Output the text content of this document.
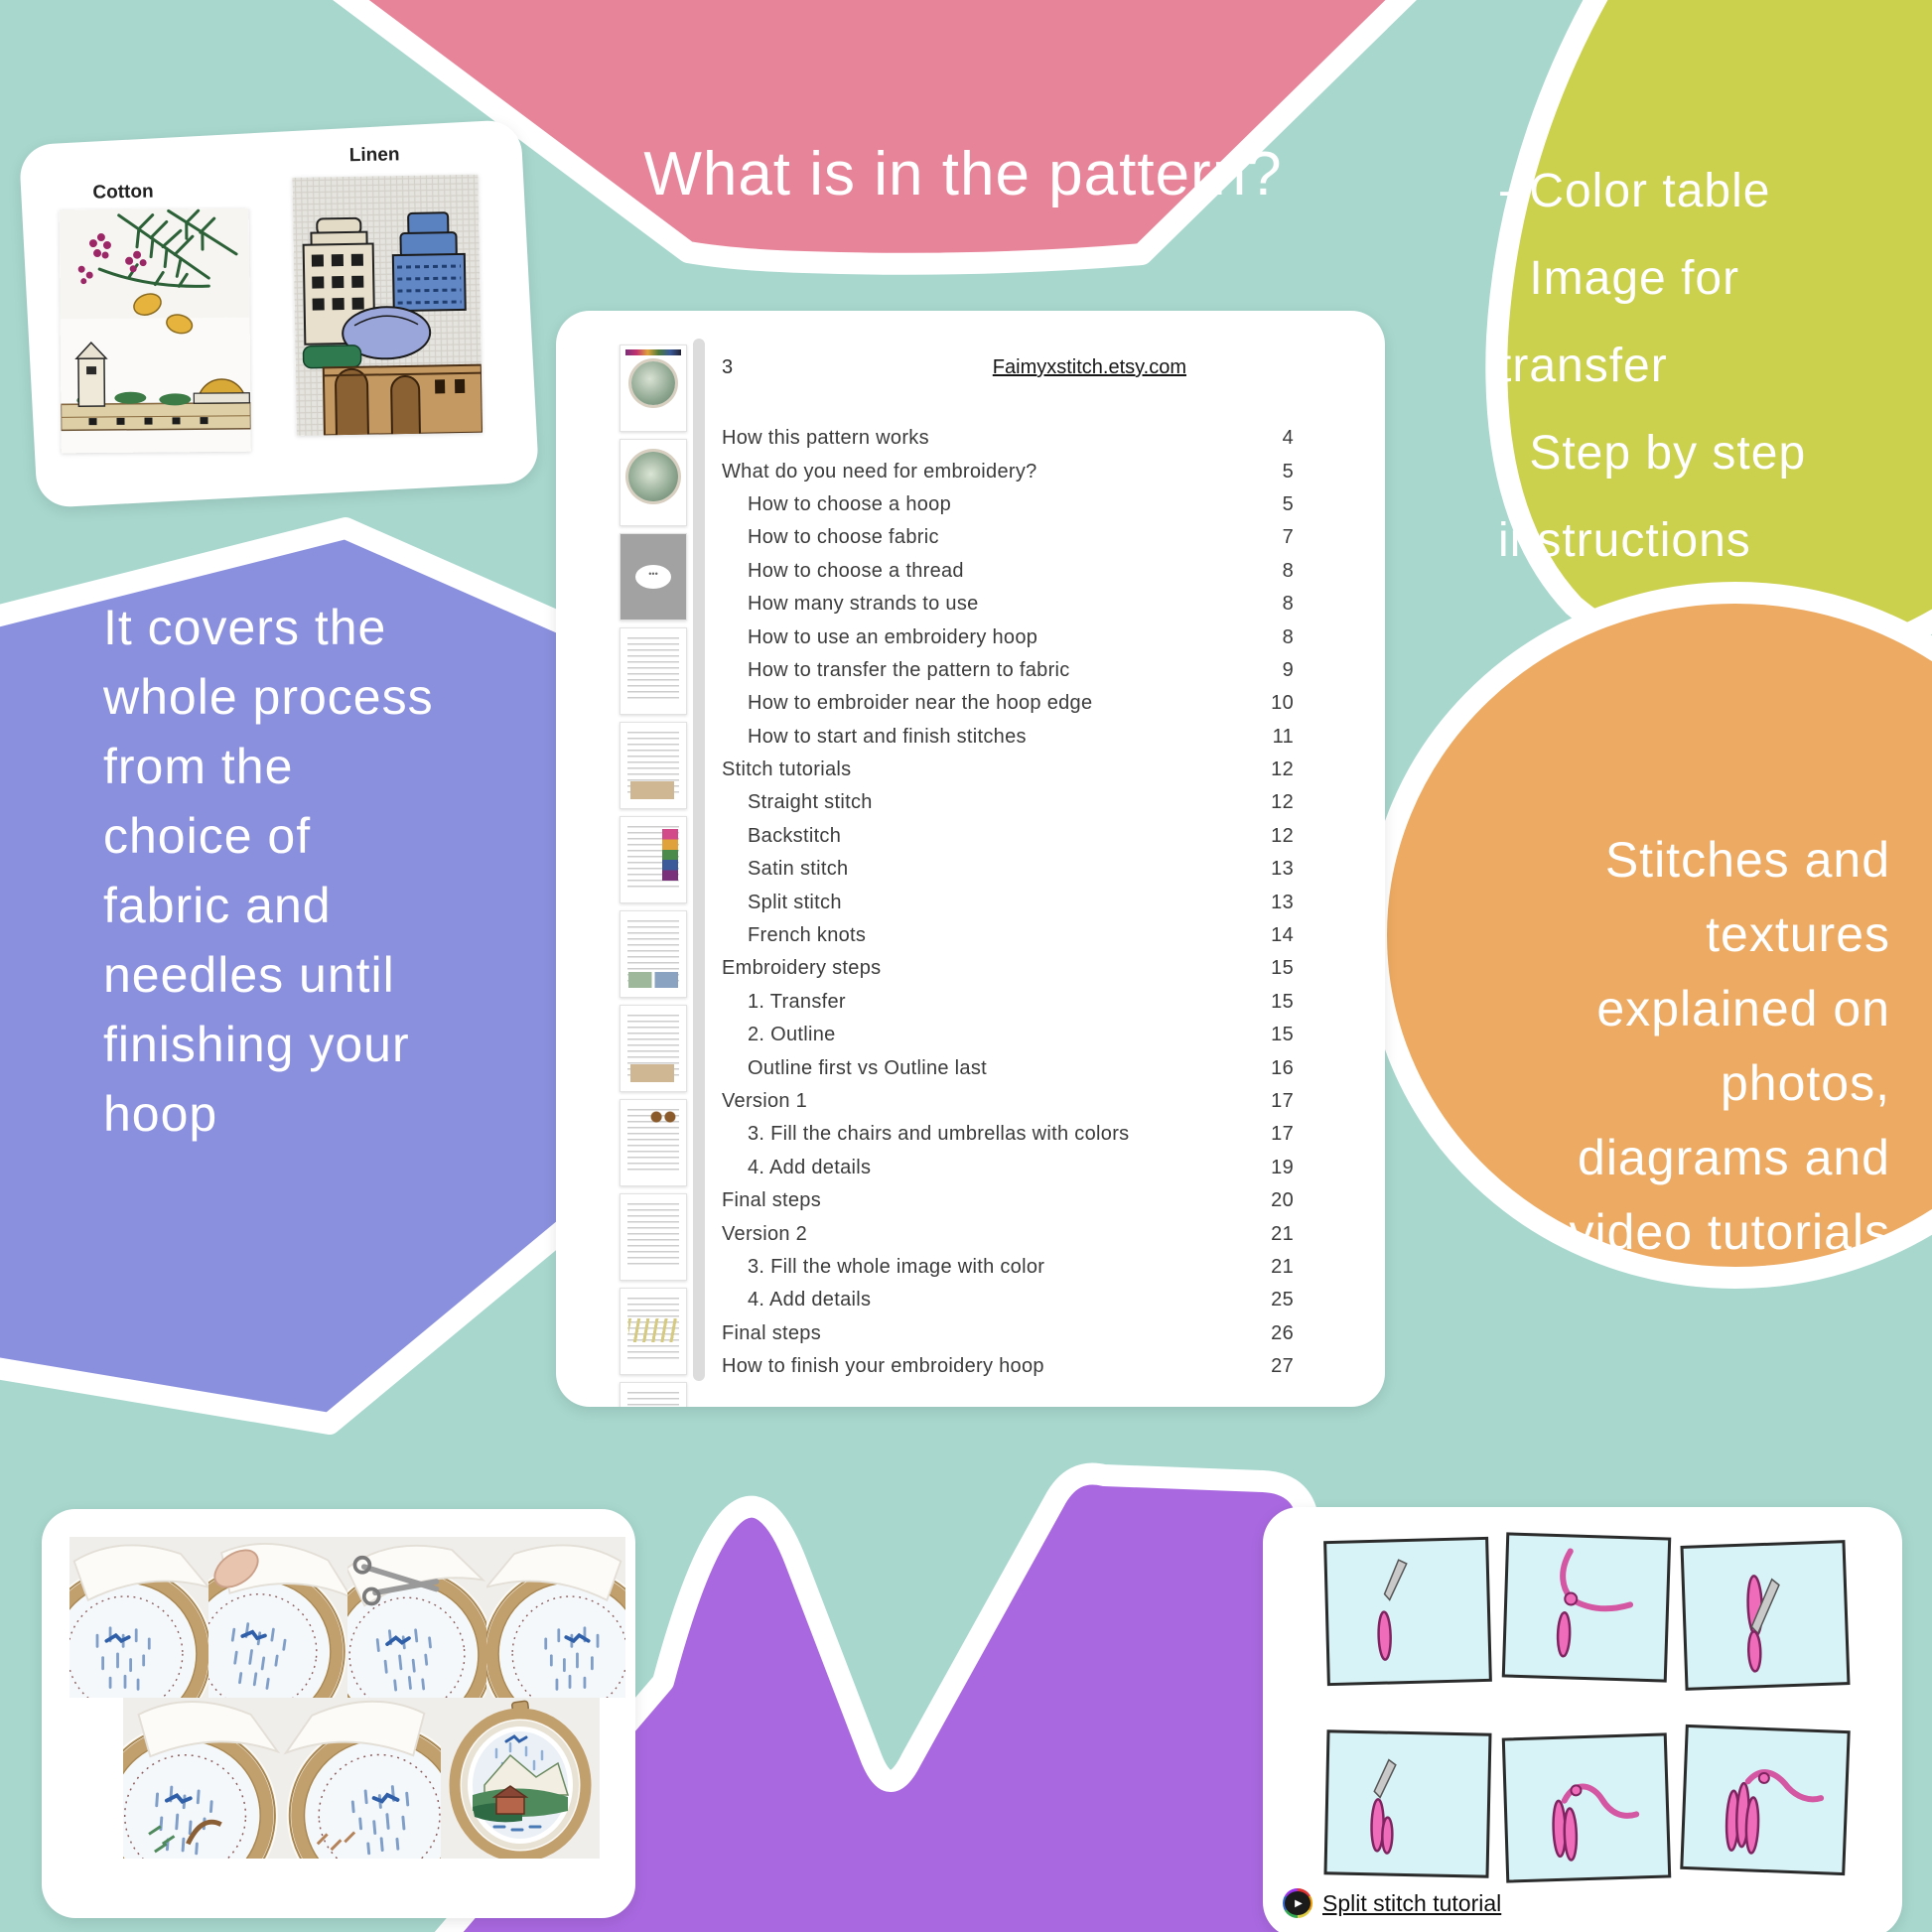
What is in the pattern?	- Color table
- Image for
transfer
- Step by step
instructions
It covers the
whole process
from the
choice of
fabric and
needles until
finishing your
hoop
Stitches and
textures
explained on
photos,
diagrams and
video tutorials
Cotton
Linen
•••
3	Faimyxstitch.etsy.com
How this pattern works	4
What do you need for embroidery?	5
How to choose a hoop	5
How to choose fabric	7
How to choose a thread	8
How many strands to use	8
How to use an embroidery hoop	8
How to transfer the pattern to fabric	9
How to embroider near the hoop edge	10
How to start and finish stitches	11
Stitch tutorials	12
Straight stitch	12
Backstitch	12
Satin stitch	13
Split stitch	13
French knots	14
Embroidery steps	15
1. Transfer	15
2. Outline	15
Outline first vs Outline last	16
Version 1	17
3. Fill the chairs and umbrellas with colors	17
4. Add details	19
Final steps	20
Version 2	21
3. Fill the whole image with color	21
4. Add details	25
Final steps	26
How to finish your embroidery hoop	27
▶ Split stitch tutorial
